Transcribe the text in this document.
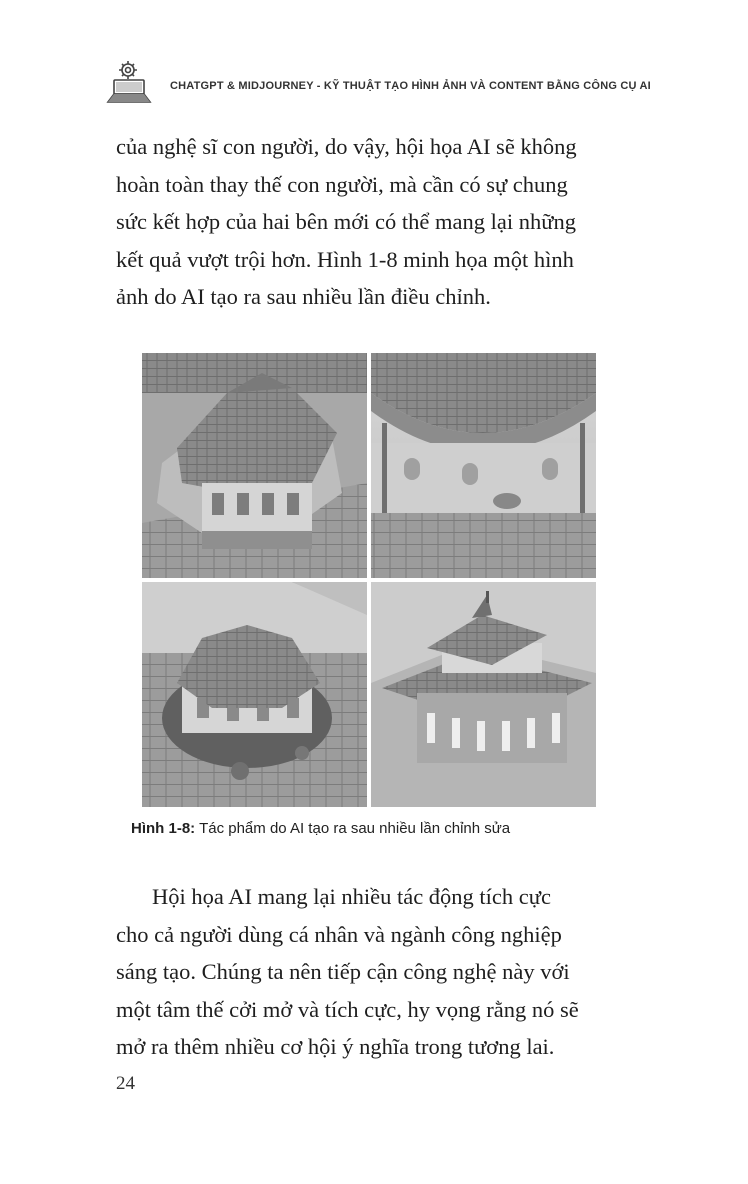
CHATGPT & MIDJOURNEY - KỸ THUẬT TẠO HÌNH ẢNH VÀ CONTENT BẰNG CÔNG CỤ AI
của nghệ sĩ con người, do vậy, hội họa AI sẽ không
hoàn toàn thay thế con người, mà cần có sự chung
sức kết hợp của hai bên mới có thể mang lại những
kết quả vượt trội hơn. Hình 1-8 minh họa một hình
ảnh do AI tạo ra sau nhiều lần điều chỉnh.
Hình 1-8: Tác phẩm do AI tạo ra sau nhiều lần chỉnh sửa
Hội họa AI mang lại nhiều tác động tích cực
cho cả người dùng cá nhân và ngành công nghiệp
sáng tạo. Chúng ta nên tiếp cận công nghệ này với
một tâm thế cởi mở và tích cực, hy vọng rằng nó sẽ
mở ra thêm nhiều cơ hội ý nghĩa trong tương lai.
24
